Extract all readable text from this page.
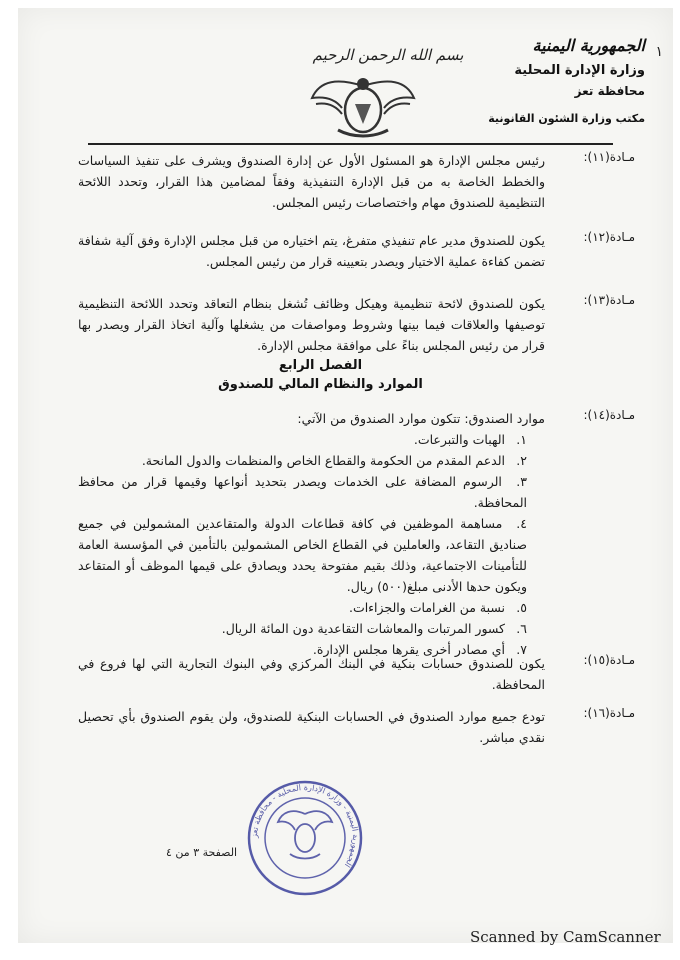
١
الجمهورية اليمنية
وزارة الإدارة المحلية
محافظة تعز
مكتب وزارة الشئون القانونية
بسم الله الرحمن الرحيم
مـادة(١١):
رئيس مجلس الإدارة هو المسئول الأول عن إدارة الصندوق ويشرف على تنفيذ السياسات والخطط الخاصة به من قبل الإدارة التنفيذية وفقاً لمضامين هذا القرار، وتحدد اللائحة التنظيمية للصندوق مهام واختصاصات رئيس المجلس.
مـادة(١٢):
يكون للصندوق مدير عام تنفيذي متفرغ، يتم اختياره من قبل مجلس الإدارة وفق آلية شفافة تضمن كفاءة عملية الاختيار ويصدر بتعيينه قرار من رئيس المجلس.
مـادة(١٣):
يكون للصندوق لائحة تنظيمية وهيكل وظائف تُشغل بنظام التعاقد وتحدد اللائحة التنظيمية توصيفها والعلاقات فيما بينها وشروط ومواصفات من يشغلها وآلية اتخاذ القرار ويصدر بها قرار من رئيس المجلس بناءً على موافقة مجلس الإدارة.
الفصل الرابع
الموارد والنظام المالي للصندوق
مـادة(١٤):
موارد الصندوق: تتكون موارد الصندوق من الآتي:
١. الهبات والتبرعات.
٢. الدعم المقدم من الحكومة والقطاع الخاص والمنظمات والدول المانحة.
٣. الرسوم المضافة على الخدمات ويصدر بتحديد أنواعها وقيمها قرار من محافظ المحافظة.
٤. مساهمة الموظفين في كافة قطاعات الدولة والمتقاعدين المشمولين في جميع صناديق التقاعد، والعاملين في القطاع الخاص المشمولين بالتأمين في المؤسسة العامة للتأمينات الاجتماعية، وذلك بقيم مفتوحة يحدد ويصادق على قيمها الموظف أو المتقاعد ويكون حدها الأدنى مبلغ(٥٠٠) ريال.
٥. نسبة من الغرامات والجزاءات.
٦. كسور المرتبات والمعاشات التقاعدية دون المائة الريال.
٧. أي مصادر أخرى يقرها مجلس الإدارة.
مـادة(١٥):
يكون للصندوق حسابات بنكية في البنك المركزي وفي البنوك التجارية التي لها فروع في المحافظة.
مـادة(١٦):
تودع جميع موارد الصندوق في الحسابات البنكية للصندوق، ولن يقوم الصندوق بأي تحصيل نقدي مباشر.
الجمهورية اليمنية - وزارة الإدارة المحلية - محافظة تعز
الصفحة ٣ من ٤
Scanned by CamScanner
